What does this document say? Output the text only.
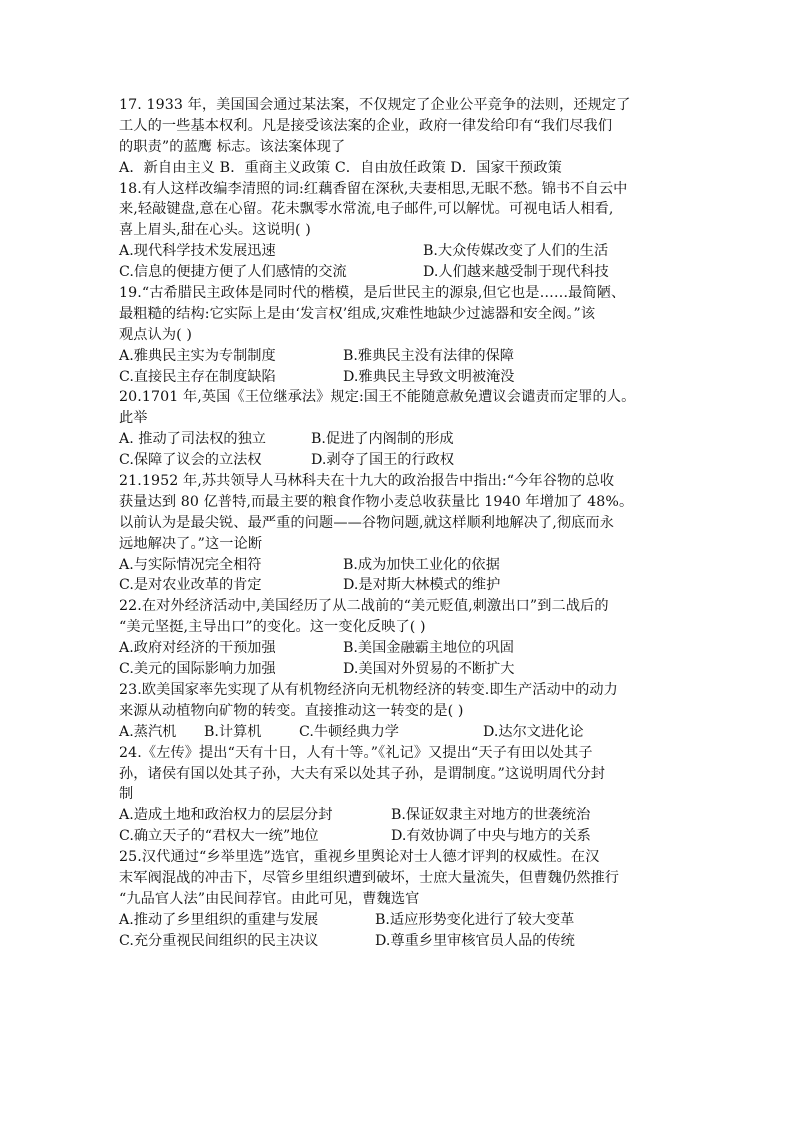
17. 1933 年，美国国会通过某法案，不仅规定了企业公平竞争的法则，还规定了
工人的一些基本权利。凡是接受该法案的企业，政府一律发给印有“我们尽我们
的职责”的蓝鹰 标志。该法案体现了
A．新自由主义 B．重商主义政策 C．自由放任政策 D．国家干预政策
18.有人这样改编李清照的词:红藕香留在深秋,夫妻相思,无眠不愁。锦书不自云中
来,轻敲键盘,意在心留。花未飘零水常流,电子邮件,可以解忧。可视电话人相看,
喜上眉头,甜在心头。这说明( )
A.现代科学技术发展迅速	B.大众传媒改变了人们的生活
C.信息的便捷方便了人们感情的交流	D.人们越来越受制于现代科技
19.“古希腊民主政体是同时代的楷模，是后世民主的源泉,但它也是……最简陋、
最粗糙的结构:它实际上是由‘发言权’组成,灾难性地缺少过滤器和安全阀。”该
观点认为( )
A.雅典民主实为专制制度	B.雅典民主没有法律的保障
C.直接民主存在制度缺陷	D.雅典民主导致文明被淹没
20.1701 年,英国《王位继承法》规定:国王不能随意赦免遭议会谴责而定罪的人。
此举
A. 推动了司法权的独立	B.促进了内阁制的形成
C.保障了议会的立法权	D.剥夺了国王的行政权
21.1952 年,苏共领导人马林科夫在十九大的政治报告中指出:“今年谷物的总收
获量达到 80 亿普特,而最主要的粮食作物小麦总收获量比 1940 年增加了 48%。
以前认为是最尖锐、最严重的问题——谷物问题,就这样顺利地解决了,彻底而永
远地解决了。”这一论断
A.与实际情况完全相符	B.成为加快工业化的依据
C.是对农业改革的肯定	D.是对斯大林模式的维护
22.在对外经济活动中,美国经历了从二战前的“美元贬值,刺激出口”到二战后的
“美元坚挺,主导出口”的变化。这一变化反映了( )
A.政府对经济的干预加强	B.美国金融霸主地位的巩固
C.美元的国际影响力加强	D.美国对外贸易的不断扩大
23.欧美国家率先实现了从有机物经济向无机物经济的转变.即生产活动中的动力
来源从动植物向矿物的转变。直接推动这一转变的是( )
A.蒸汽机 B.计算机	C.牛顿经典力学	D.达尔文进化论
24.《左传》提出“天有十日，人有十等。”《礼记》又提出“天子有田以处其子
孙，诸侯有国以处其子孙，大夫有采以处其子孙，是谓制度。”这说明周代分封
制
A.造成土地和政治权力的层层分封	B.保证奴隶主对地方的世袭统治
C.确立天子的“君权大一统”地位	D.有效协调了中央与地方的关系
25.汉代通过“乡举里选”选官，重视乡里舆论对士人德才评判的权威性。在汉
末军阀混战的冲击下，尽管乡里组织遭到破坏，士庶大量流失，但曹魏仍然推行
“九品官人法”由民间荐官。由此可见，曹魏选官
A.推动了乡里组织的重建与发展	B.适应形势变化进行了较大变革
C.充分重视民间组织的民主决议	D.尊重乡里审核官员人品的传统
